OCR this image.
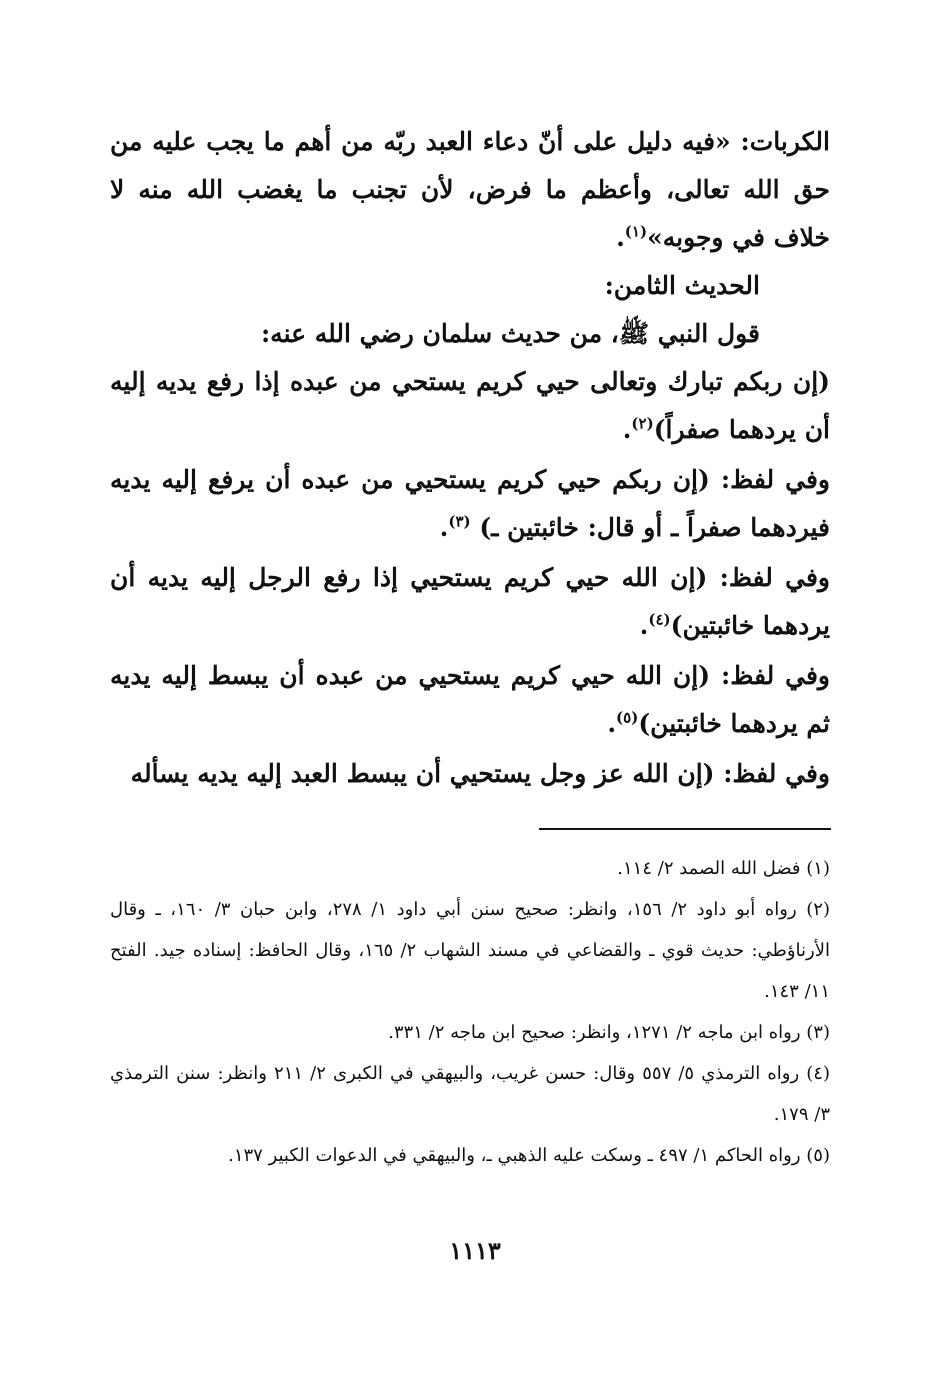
الكربات: «فيه دليل على أنّ دعاء العبد ربّه من أهم ما يجب عليه من حق الله تعالى، وأعظم ما فرض، لأن تجنب ما يغضب الله منه لا خلاف في وجوبه»$^{(١)}$.

الحديث الثامن:

قول النبي ﷺ، من حديث سلمان رضي الله عنه:

(إن ربكم تبارك وتعالى حيي كريم يستحي من عبده إذا رفع يديه إليه أن يردهما صفراً)$^{(٢)}$.

وفي لفظ: (إن ربكم حيي كريم يستحيي من عبده أن يرفع إليه يديه فيردهما صفراً ـ أو قال: خائبتين ـ) $^{(٣)}$.

وفي لفظ: (إن الله حيي كريم يستحيي إذا رفع الرجل إليه يديه أن يردهما خائبتين)$^{(٤)}$.

وفي لفظ: (إن الله حيي كريم يستحيي من عبده أن يبسط إليه يديه ثم يردهما خائبتين)$^{(٥)}$.

وفي لفظ: (إن الله عز وجل يستحيي أن يبسط العبد إليه يديه يسأله

(١) فضل الله الصمد ٢/ ١١٤.

(٢) رواه أبو داود ٢/ ١٥٦، وانظر: صحيح سنن أبي داود ١/ ٢٧٨، وابن حبان ٣/ ١٦٠، ـ وقال الأرناؤطي: حديث قوي ـ والقضاعي في مسند الشهاب ٢/ ١٦٥، وقال الحافظ: إسناده جيد. الفتح ١١/ ١٤٣.

(٣) رواه ابن ماجه ٢/ ١٢٧١، وانظر: صحيح ابن ماجه ٢/ ٣٣١.

(٤) رواه الترمذي ٥/ ٥٥٧ وقال: حسن غريب، والبيهقي في الكبرى ٢/ ٢١١ وانظر: سنن الترمذي ٣/ ١٧٩.

(٥) رواه الحاكم ١/ ٤٩٧ ـ وسكت عليه الذهبي ـ، والبيهقي في الدعوات الكبير ١٣٧.

١١١٣
